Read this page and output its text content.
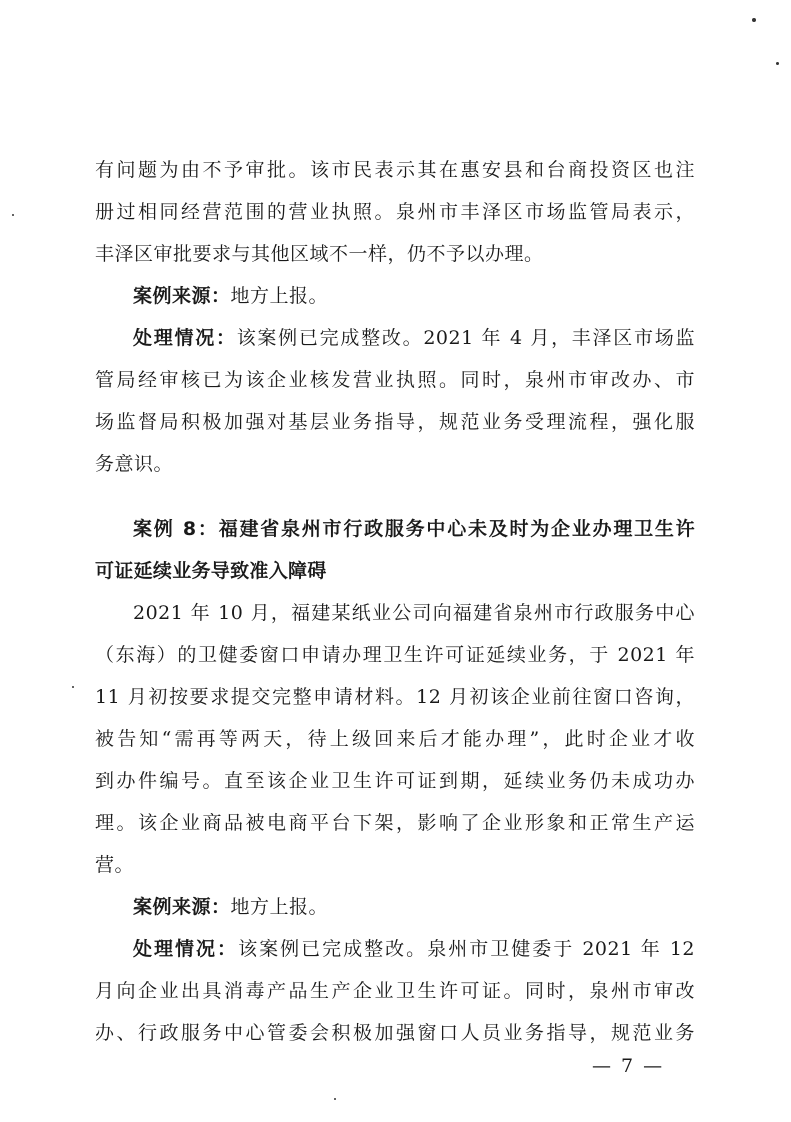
有问题为由不予审批。该市民表示其在惠安县和台商投资区也注
册过相同经营范围的营业执照。泉州市丰泽区市场监管局表示，
丰泽区审批要求与其他区域不一样，仍不予以办理。
案例来源：地方上报。
处理情况：该案例已完成整改。2021 年 4 月，丰泽区市场监
管局经审核已为该企业核发营业执照。同时，泉州市审改办、市
场监督局积极加强对基层业务指导，规范业务受理流程，强化服
务意识。
案例 8：福建省泉州市行政服务中心未及时为企业办理卫生许
可证延续业务导致准入障碍
2021 年 10 月，福建某纸业公司向福建省泉州市行政服务中心
（东海）的卫健委窗口申请办理卫生许可证延续业务，于 2021 年
11 月初按要求提交完整申请材料。12 月初该企业前往窗口咨询，
被告知“需再等两天，待上级回来后才能办理”，此时企业才收
到办件编号。直至该企业卫生许可证到期，延续业务仍未成功办
理。该企业商品被电商平台下架，影响了企业形象和正常生产运
营。
案例来源：地方上报。
处理情况：该案例已完成整改。泉州市卫健委于 2021 年 12
月向企业出具消毒产品生产企业卫生许可证。同时，泉州市审改
办、行政服务中心管委会积极加强窗口人员业务指导，规范业务
— 7 —
